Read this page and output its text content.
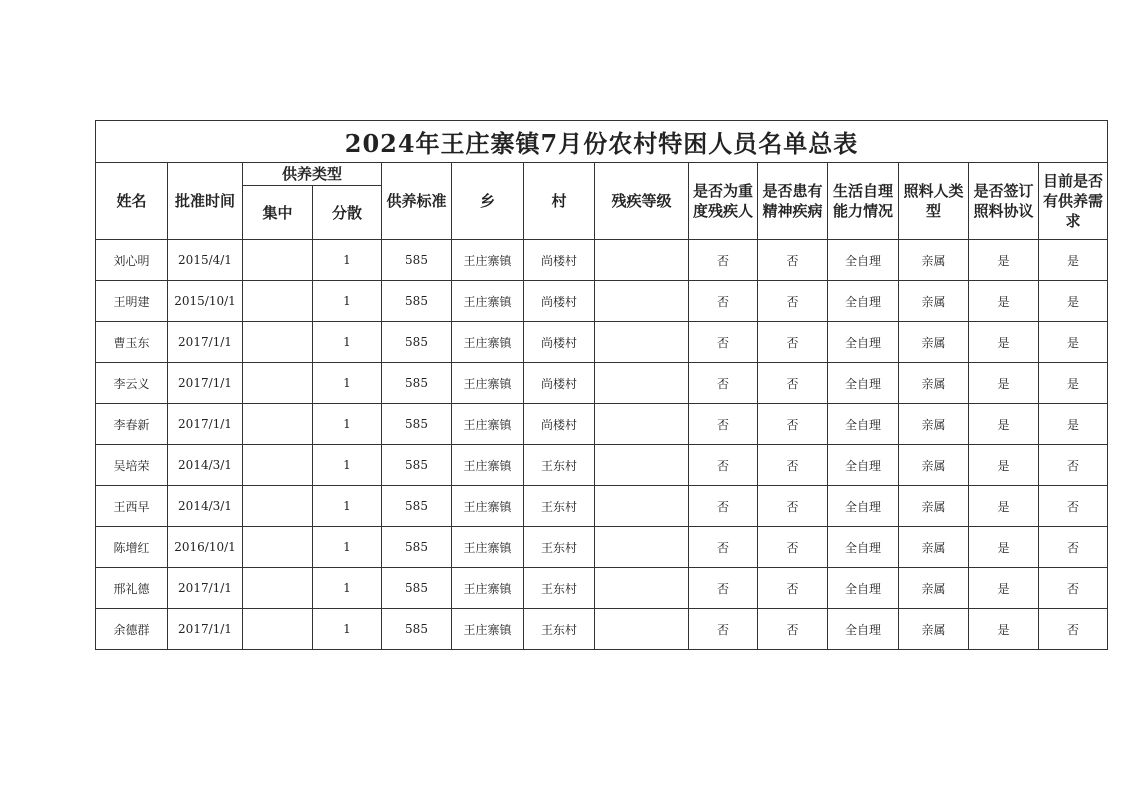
2024年王庄寨镇7月份农村特困人员名单总表													
姓名	批准时间	供养类型		供养标准	乡	村	残疾等级	是否为重度残疾人	是否患有精神疾病	生活自理能力情况	照料人类型	是否签订照料协议	目前是否有供养需求
		集中	分散										
刘心明	2015/4/1		1	585	王庄寨镇	尚楼村		否	否	全自理	亲属	是	是
王明建	2015/10/1		1	585	王庄寨镇	尚楼村		否	否	全自理	亲属	是	是
曹玉东	2017/1/1		1	585	王庄寨镇	尚楼村		否	否	全自理	亲属	是	是
李云义	2017/1/1		1	585	王庄寨镇	尚楼村		否	否	全自理	亲属	是	是
李春新	2017/1/1		1	585	王庄寨镇	尚楼村		否	否	全自理	亲属	是	是
吴培荣	2014/3/1		1	585	王庄寨镇	王东村		否	否	全自理	亲属	是	否
王西早	2014/3/1		1	585	王庄寨镇	王东村		否	否	全自理	亲属	是	否
陈增红	2016/10/1		1	585	王庄寨镇	王东村		否	否	全自理	亲属	是	否
邢礼德	2017/1/1		1	585	王庄寨镇	王东村		否	否	全自理	亲属	是	否
余德群	2017/1/1		1	585	王庄寨镇	王东村		否	否	全自理	亲属	是	否
